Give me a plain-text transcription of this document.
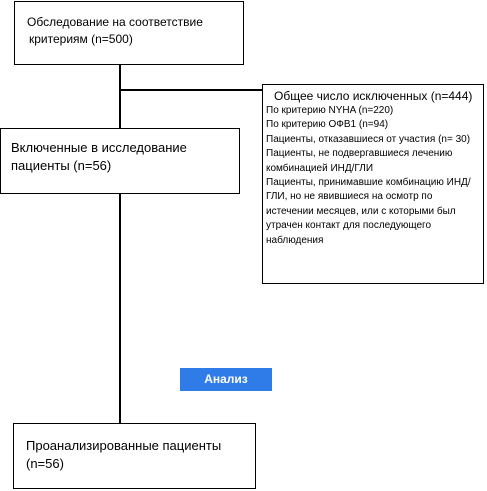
Обследование на соответствие
критериям (n=500)
Общее число исключенных (n=444)
По критерию NYHA (n=220)
По критерию ОФВ1 (n=94)
Пациенты, отказавшиеся от участия (n= 30)
Пациенты, не подвергавшиеся лечению комбинацией ИНД/ГЛИ
Пациенты, принимавшие комбинацию ИНД/ГЛИ, но не явившиеся на осмотр по истечении месяцев, или с которыми был утрачен контакт для последующего наблюдения
Включенные в исследование пациенты (n=56)
Анализ
Проанализированные пациенты (n=56)
